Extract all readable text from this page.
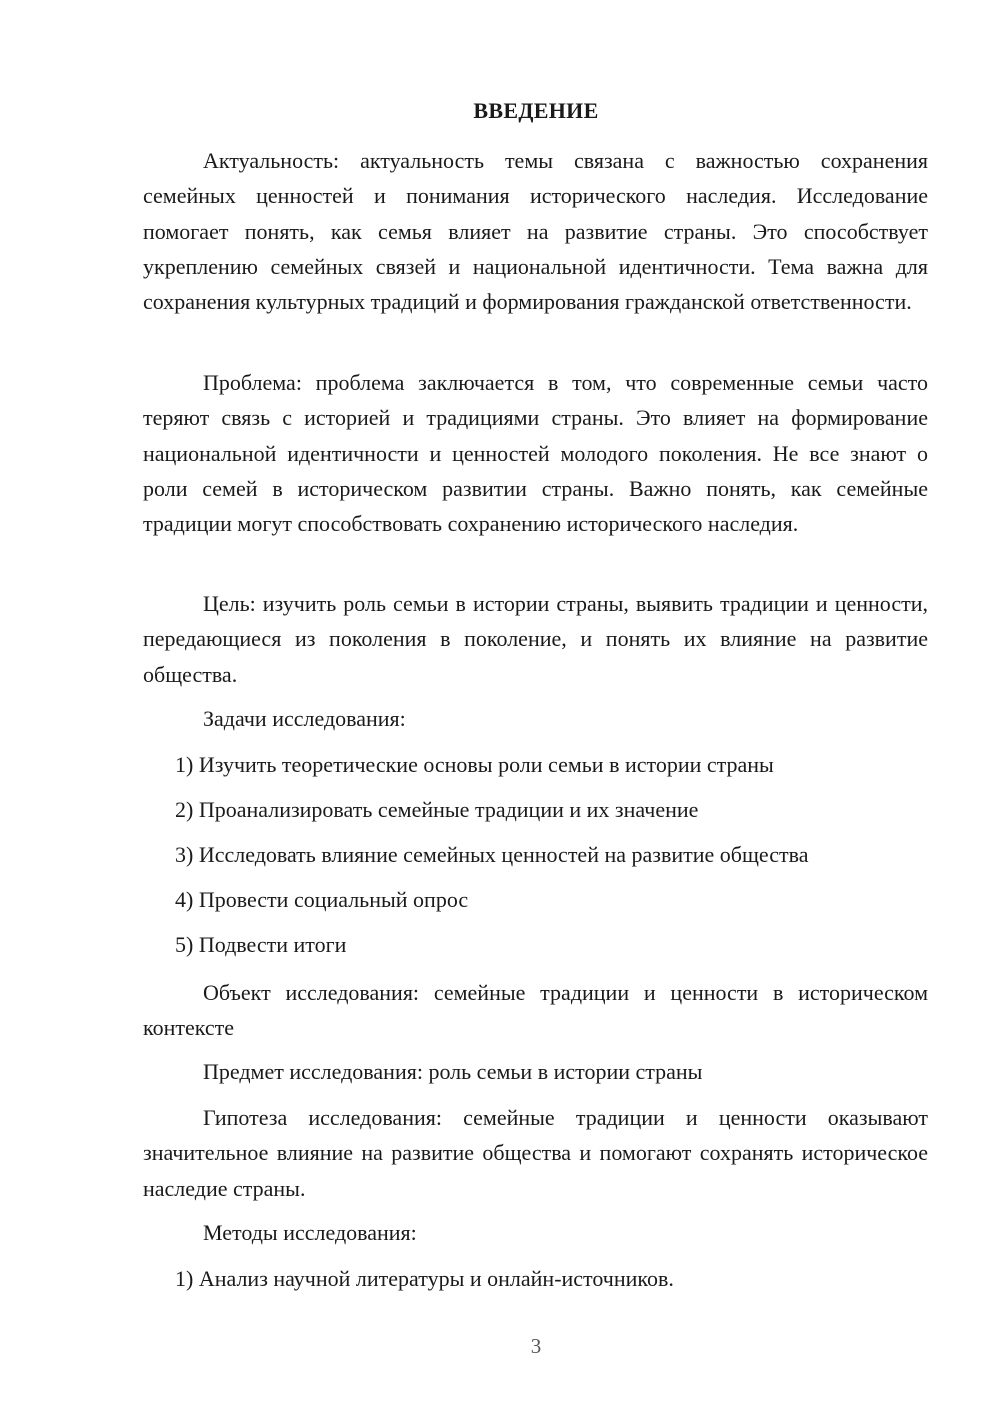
ВВЕДЕНИЕ

Актуальность: актуальность темы связана с важностью сохранения семейных ценностей и понимания исторического наследия. Исследование помогает понять, как семья влияет на развитие страны. Это способствует укреплению семейных связей и национальной идентичности. Тема важна для сохранения культурных традиций и формирования гражданской ответственности.

Проблема: проблема заключается в том, что современные семьи часто теряют связь с историей и традициями страны. Это влияет на формирование национальной идентичности и ценностей молодого поколения. Не все знают о роли семей в историческом развитии страны. Важно понять, как семейные традиции могут способствовать сохранению исторического наследия.

Цель: изучить роль семьи в истории страны, выявить традиции и ценности, передающиеся из поколения в поколение, и понять их влияние на развитие общества.

Задачи исследования:
1) Изучить теоретические основы роли семьи в истории страны
2) Проанализировать семейные традиции и их значение
3) Исследовать влияние семейных ценностей на развитие общества
4) Провести социальный опрос
5) Подвести итоги

Объект исследования: семейные традиции и ценности в историческом контексте

Предмет исследования: роль семьи в истории страны

Гипотеза исследования: семейные традиции и ценности оказывают значительное влияние на развитие общества и помогают сохранять историческое наследие страны.

Методы исследования:
1) Анализ научной литературы и онлайн-источников.
3
